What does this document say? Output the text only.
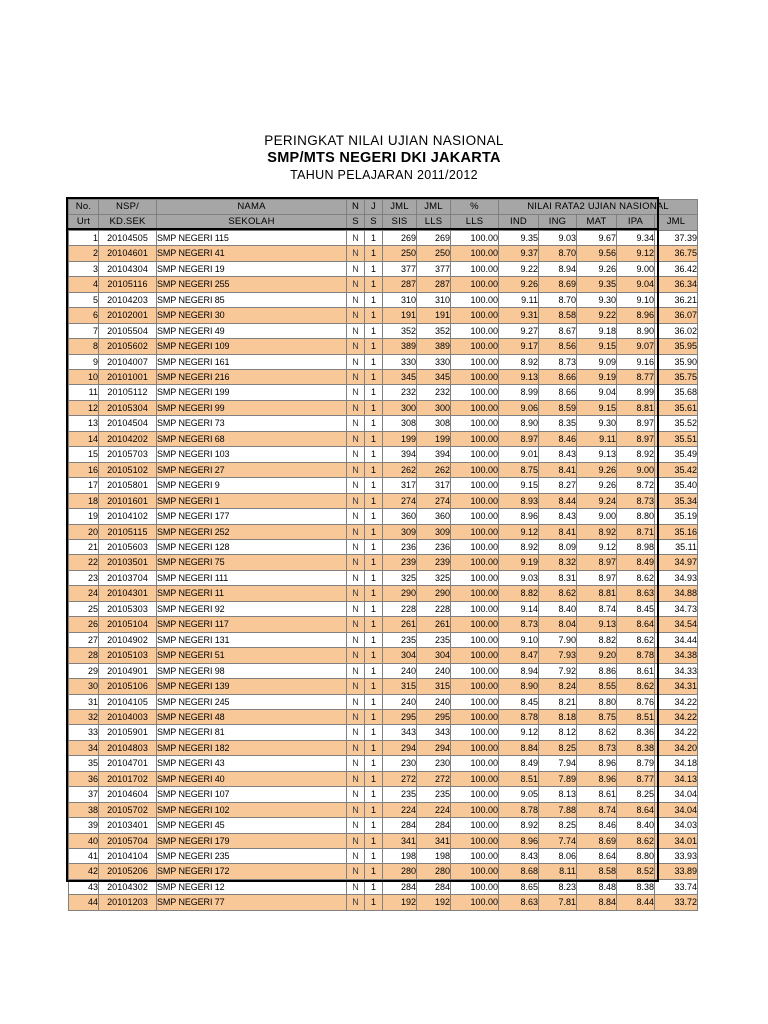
PERINGKAT NILAI UJIAN NASIONAL
SMP/MTS NEGERI DKI JAKARTA
TAHUN PELAJARAN 2011/2012
No.	NSP/	NAMA	N	J	JML	JML	%	NILAI RATA2 UJIAN NASIONAL				
Urt	KD.SEK	SEKOLAH	S	S	SIS	LLS	LLS	IND	ING	MAT	IPA	JML
1	20104505	SMP NEGERI 115	N	1	269	269	100.00	9.35	9.03	9.67	9.34	37.39
2	20104601	SMP NEGERI 41	N	1	250	250	100.00	9.37	8.70	9.56	9.12	36.75
3	20104304	SMP NEGERI 19	N	1	377	377	100.00	9.22	8.94	9.26	9.00	36.42
4	20105116	SMP NEGERI 255	N	1	287	287	100.00	9.26	8.69	9.35	9.04	36.34
5	20104203	SMP NEGERI 85	N	1	310	310	100.00	9.11	8.70	9.30	9.10	36.21
6	20102001	SMP NEGERI 30	N	1	191	191	100.00	9.31	8.58	9.22	8.96	36.07
7	20105504	SMP NEGERI 49	N	1	352	352	100.00	9.27	8.67	9.18	8.90	36.02
8	20105602	SMP NEGERI 109	N	1	389	389	100.00	9.17	8.56	9.15	9.07	35.95
9	20104007	SMP NEGERI 161	N	1	330	330	100.00	8.92	8.73	9.09	9.16	35.90
10	20101001	SMP NEGERI 216	N	1	345	345	100.00	9.13	8.66	9.19	8.77	35.75
11	20105112	SMP NEGERI 199	N	1	232	232	100.00	8.99	8.66	9.04	8.99	35.68
12	20105304	SMP NEGERI 99	N	1	300	300	100.00	9.06	8.59	9.15	8.81	35.61
13	20104504	SMP NEGERI 73	N	1	308	308	100.00	8.90	8.35	9.30	8.97	35.52
14	20104202	SMP NEGERI 68	N	1	199	199	100.00	8.97	8.46	9.11	8.97	35.51
15	20105703	SMP NEGERI 103	N	1	394	394	100.00	9.01	8.43	9.13	8.92	35.49
16	20105102	SMP NEGERI 27	N	1	262	262	100.00	8.75	8.41	9.26	9.00	35.42
17	20105801	SMP NEGERI 9	N	1	317	317	100.00	9.15	8.27	9.26	8.72	35.40
18	20101601	SMP NEGERI 1	N	1	274	274	100.00	8.93	8.44	9.24	8.73	35.34
19	20104102	SMP NEGERI 177	N	1	360	360	100.00	8.96	8.43	9.00	8.80	35.19
20	20105115	SMP NEGERI 252	N	1	309	309	100.00	9.12	8.41	8.92	8.71	35.16
21	20105603	SMP NEGERI 128	N	1	236	236	100.00	8.92	8.09	9.12	8.98	35.11
22	20103501	SMP NEGERI 75	N	1	239	239	100.00	9.19	8.32	8.97	8.49	34.97
23	20103704	SMP NEGERI 111	N	1	325	325	100.00	9.03	8.31	8.97	8.62	34.93
24	20104301	SMP NEGERI 11	N	1	290	290	100.00	8.82	8.62	8.81	8.63	34.88
25	20105303	SMP NEGERI 92	N	1	228	228	100.00	9.14	8.40	8.74	8.45	34.73
26	20105104	SMP NEGERI 117	N	1	261	261	100.00	8.73	8.04	9.13	8.64	34.54
27	20104902	SMP NEGERI 131	N	1	235	235	100.00	9.10	7.90	8.82	8.62	34.44
28	20105103	SMP NEGERI 51	N	1	304	304	100.00	8.47	7.93	9.20	8.78	34.38
29	20104901	SMP NEGERI 98	N	1	240	240	100.00	8.94	7.92	8.86	8.61	34.33
30	20105106	SMP NEGERI 139	N	1	315	315	100.00	8.90	8.24	8.55	8.62	34.31
31	20104105	SMP NEGERI 245	N	1	240	240	100.00	8.45	8.21	8.80	8.76	34.22
32	20104003	SMP NEGERI 48	N	1	295	295	100.00	8.78	8.18	8.75	8.51	34.22
33	20105901	SMP NEGERI 81	N	1	343	343	100.00	9.12	8.12	8.62	8.36	34.22
34	20104803	SMP NEGERI 182	N	1	294	294	100.00	8.84	8.25	8.73	8.38	34.20
35	20104701	SMP NEGERI 43	N	1	230	230	100.00	8.49	7.94	8.96	8.79	34.18
36	20101702	SMP NEGERI 40	N	1	272	272	100.00	8.51	7.89	8.96	8.77	34.13
37	20104604	SMP NEGERI 107	N	1	235	235	100.00	9.05	8.13	8.61	8.25	34.04
38	20105702	SMP NEGERI 102	N	1	224	224	100.00	8.78	7.88	8.74	8.64	34.04
39	20103401	SMP NEGERI 45	N	1	284	284	100.00	8.92	8.25	8.46	8.40	34.03
40	20105704	SMP NEGERI 179	N	1	341	341	100.00	8.96	7.74	8.69	8.62	34.01
41	20104104	SMP NEGERI 235	N	1	198	198	100.00	8.43	8.06	8.64	8.80	33.93
42	20105206	SMP NEGERI 172	N	1	280	280	100.00	8.68	8.11	8.58	8.52	33.89
43	20104302	SMP NEGERI 12	N	1	284	284	100.00	8.65	8.23	8.48	8.38	33.74
44	20101203	SMP NEGERI 77	N	1	192	192	100.00	8.63	7.81	8.84	8.44	33.72
